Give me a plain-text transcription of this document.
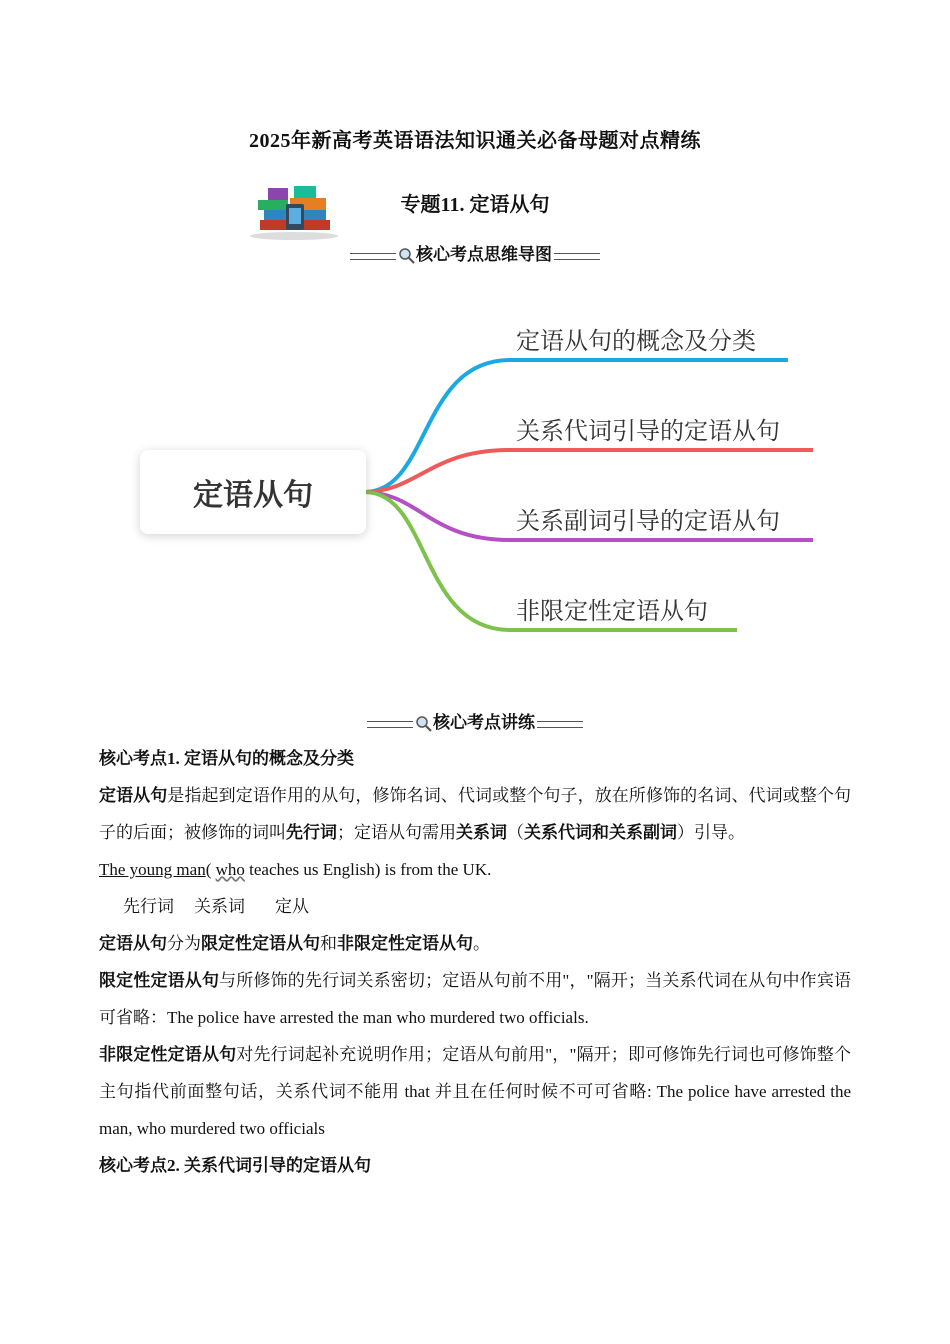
2025年新高考英语语法知识通关必备母题对点精练
专题11. 定语从句
核心考点思维导图
定语从句
定语从句的概念及分类
关系代词引导的定语从句
关系副词引导的定语从句
非限定性定语从句
核心考点讲练

核心考点1. 定语从句的概念及分类

定语从句是指起到定语作用的从句，修饰名词、代词或整个句子，放在所修饰的名词、代词或整个句子的后面；被修饰的词叫先行词；定语从句需用关系词（关系代词和关系副词）引导。

The young man( who teaches us English) is from the UK.

先行词 关系词 定从

定语从句分为限定性定语从句和非限定性定语从句。

限定性定语从句与所修饰的先行词关系密切；定语从句前不用"，"隔开；当关系代词在从句中作宾语可省略：The police have arrested the man who murdered two officials.

非限定性定语从句对先行词起补充说明作用；定语从句前用"，"隔开；即可修饰先行词也可修饰整个主句指代前面整句话，关系代词不能用 that 并且在任何时候不可可省略: The police have arrested the man, who murdered two officials

核心考点2. 关系代词引导的定语从句
